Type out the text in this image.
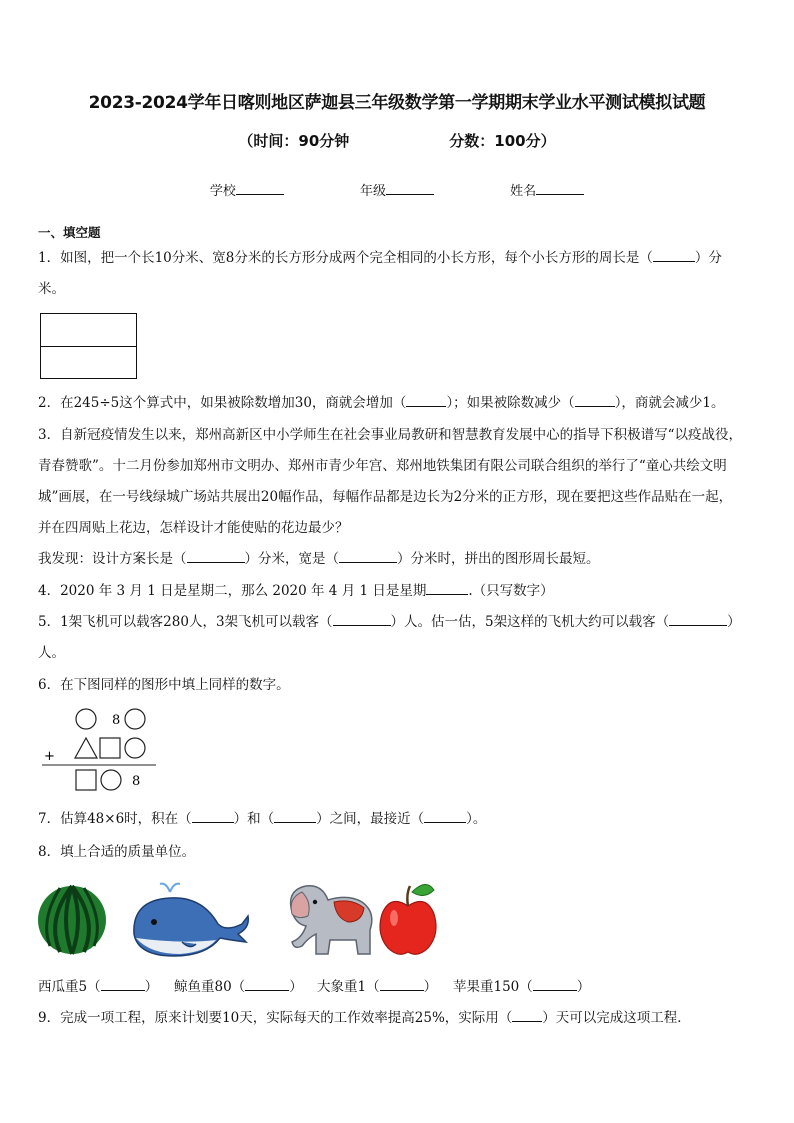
2023-2024学年日喀则地区萨迦县三年级数学第一学期期末学业水平测试模拟试题
（时间：90分钟	分数：100分）
学校	年级	姓名
一、填空题
1．如图，把一个长10分米、宽8分米的长方形分成两个完全相同的小长方形，每个小长方形的周长是（	）分
米。
2．在245÷5这个算式中，如果被除数增加30，商就会增加（	）；如果被除数减少（	），商就会减少1。
3．自新冠疫情发生以来，郑州高新区中小学师生在社会事业局教研和智慧教育发展中心的指导下积极谱写“以疫战役，
青春赞歌”。十二月份参加郑州市文明办、郑州市青少年宫、郑州地铁集团有限公司联合组织的举行了“童心共绘文明
城”画展，在一号线绿城广场站共展出20幅作品，每幅作品都是边长为2分米的正方形，现在要把这些作品贴在一起，
并在四周贴上花边，怎样设计才能使贴的花边最少？
我发现：设计方案长是（	）分米，宽是（	）分米时，拼出的图形周长最短。
4．2020 年 3 月 1 日是星期二，那么 2020 年 4 月 1 日是星期	.（只写数字）
5．1架飞机可以载客280人，3架飞机可以载客（	）人。估一估，5架这样的飞机大约可以载客（	）
人。
6．在下图同样的图形中填上同样的数字。
8
+
8
7．估算48×6时，积在（	）和（	）之间，最接近（	）。
8．填上合适的质量单位。
西瓜重5（	） 鲸鱼重80（	） 大象重1（	） 苹果重150（	）
9．完成一项工程，原来计划要10天，实际每天的工作效率提高25%，实际用（ ）天可以完成这项工程．
